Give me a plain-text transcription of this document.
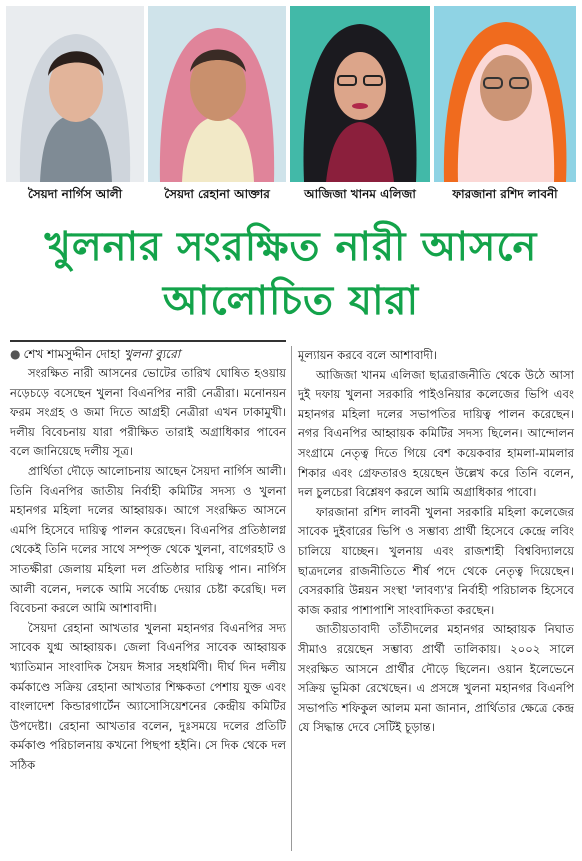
সৈয়দা নার্গিস আলী	সৈয়দা রেহানা আক্তার	আজিজা খানম এলিজা	ফারজানা রশিদ লাবনী
খুলনার সংরক্ষিত নারী আসনে
আলোচিত যারা
● শেখ শামসুদ্দীন দোহা খুলনা ব্যুরো

সংরক্ষিত নারী আসনের ভোটের তারিখ ঘোষিত হওয়ায় নড়েচড়ে বসেছেন খুলনা বিএনপির নারী নেত্রীরা। মনোনয়ন ফরম সংগ্রহ ও জমা দিতে আগ্রহী নেত্রীরা এখন ঢাকামুখী। দলীয় বিবেচনায় যারা পরীক্ষিত তারাই অগ্রাধিকার পাবেন বলে জানিয়েছে দলীয় সূত্র।

প্রার্থিতা দৌড়ে আলোচনায় আছেন সৈয়দা নার্গিস আলী। তিনি বিএনপির জাতীয় নির্বাহী কমিটির সদস্য ও খুলনা মহানগর মহিলা দলের আহ্বায়ক। আগে সংরক্ষিত আসনে এমপি হিসেবে দায়িত্ব পালন করেছেন। বিএনপির প্রতিষ্ঠালগ্ন থেকেই তিনি দলের সাথে সম্পৃক্ত থেকে খুলনা, বাগেরহাট ও সাতক্ষীরা জেলায় মহিলা দল প্রতিষ্ঠার দায়িত্ব পান। নার্গিস আলী বলেন, দলকে আমি সর্বোচ্চ দেয়ার চেষ্টা করেছি। দল বিবেচনা করলে আমি আশাবাদী।

সৈয়দা রেহানা আখতার খুলনা মহানগর বিএনপির সদ্য সাবেক যুগ্ম আহ্বায়ক। জেলা বিএনপির সাবেক আহ্বায়ক খ্যাতিমান সাংবাদিক সৈয়দ ঈসার সহধর্মিণী। দীর্ঘ দিন দলীয় কর্মকাণ্ডে সক্রিয় রেহানা আখতার শিক্ষকতা পেশায় যুক্ত এবং বাংলাদেশ কিন্ডারগার্টেন অ্যাসোসিয়েশনের কেন্দ্রীয় কমিটির উপদেষ্টা। রেহানা আখতার বলেন, দুঃসময়ে দলের প্রতিটি কর্মকাণ্ড পরিচালনায় কখনো পিছপা হইনি। সে দিক থেকে দল সঠিক

মূল্যায়ন করবে বলে আশাবাদী।

আজিজা খানম এলিজা ছাত্ররাজনীতি থেকে উঠে আসা দুই দফায় খুলনা সরকারি পাইওনিয়ার কলেজের ভিপি এবং মহানগর মহিলা দলের সভাপতির দায়িত্ব পালন করেছেন। নগর বিএনপির আহ্বায়ক কমিটির সদস্য ছিলেন। আন্দোলন সংগ্রামে নেতৃত্ব দিতে গিয়ে বেশ কয়েকবার হামলা-মামলার শিকার এবং গ্রেফতারও হয়েছেন উল্লেখ করে তিনি বলেন, দল চুলচেরা বিশ্লেষণ করলে আমি অগ্রাধিকার পাবো।

ফারজানা রশিদ লাবনী খুলনা সরকারি মহিলা কলেজের সাবেক দুইবারের ভিপি ও সম্ভাব্য প্রার্থী হিসেবে কেন্দ্রে লবিং চালিয়ে যাচ্ছেন। খুলনায় এবং রাজশাহী বিশ্ববিদ্যালয়ে ছাত্রদলের রাজনীতিতে শীর্ষ পদে থেকে নেতৃত্ব দিয়েছেন। বেসরকারি উন্নয়ন সংস্থা 'লাবণ্য'র নির্বাহী পরিচালক হিসেবে কাজ করার পাশাপাশি সাংবাদিকতা করছেন।

জাতীয়তাবাদী তাঁতীদলের মহানগর আহ্বায়ক নিঘাত সীমাও রয়েছেন সম্ভাব্য প্রার্থী তালিকায়। ২০০২ সালে সংরক্ষিত আসনে প্রার্থীর দৌড়ে ছিলেন। ওয়ান ইলেভেনে সক্রিয় ভূমিকা রেখেছেন। এ প্রসঙ্গে খুলনা মহানগর বিএনপি সভাপতি শফিকুল আলম মনা জানান, প্রার্থিতার ক্ষেত্রে কেন্দ্র যে সিদ্ধান্ত দেবে সেটিই চূড়ান্ত।
